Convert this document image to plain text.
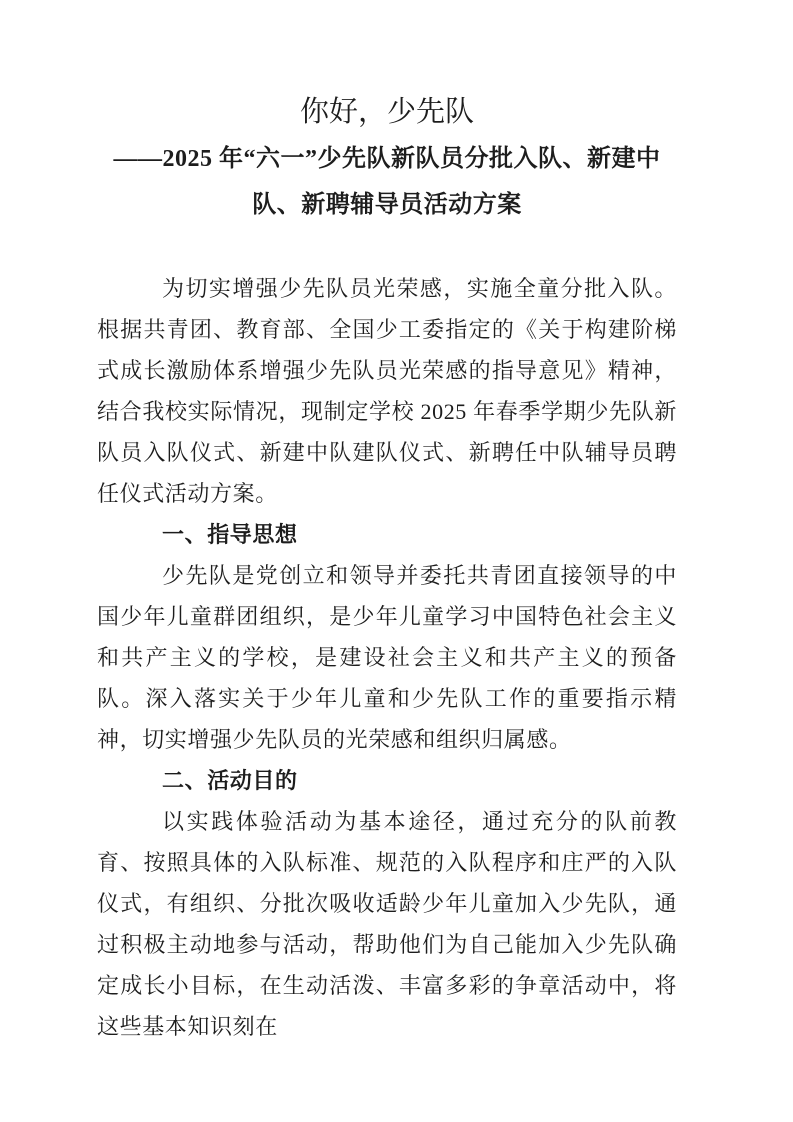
你好，少先队
——2025 年“六一”少先队新队员分批入队、新建中队、新聘辅导员活动方案

为切实增强少先队员光荣感，实施全童分批入队。根据共青团、教育部、全国少工委指定的《关于构建阶梯式成长激励体系增强少先队员光荣感的指导意见》精神，结合我校实际情况，现制定学校 2025 年春季学期少先队新队员入队仪式、新建中队建队仪式、新聘任中队辅导员聘任仪式活动方案。

一、指导思想

少先队是党创立和领导并委托共青团直接领导的中国少年儿童群团组织，是少年儿童学习中国特色社会主义和共产主义的学校，是建设社会主义和共产主义的预备队。深入落实关于少年儿童和少先队工作的重要指示精神，切实增强少先队员的光荣感和组织归属感。

二、活动目的

以实践体验活动为基本途径，通过充分的队前教育、按照具体的入队标准、规范的入队程序和庄严的入队仪式，有组织、分批次吸收适龄少年儿童加入少先队，通过积极主动地参与活动，帮助他们为自己能加入少先队确定成长小目标，在生动活泼、丰富多彩的争章活动中，将这些基本知识刻在
